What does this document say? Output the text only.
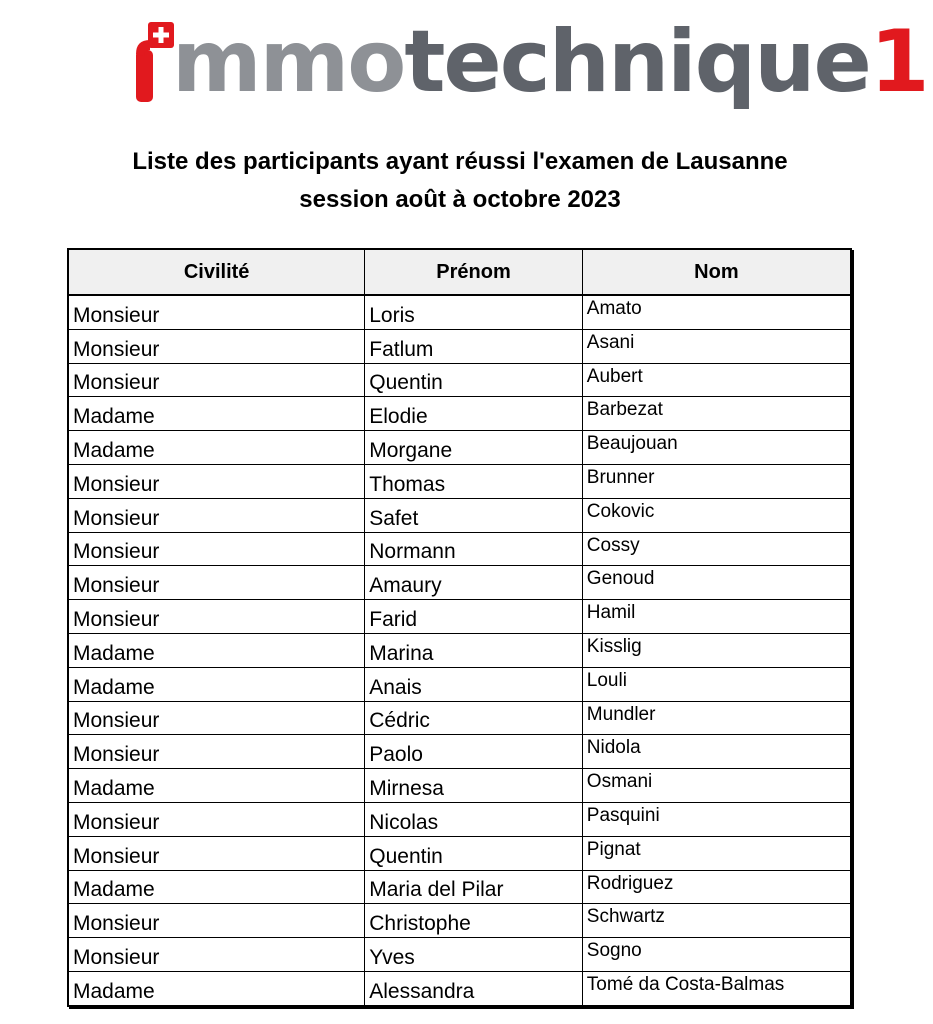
mmotechnique1
Liste des participants ayant réussi l'examen de Lausanne
session août à octobre 2023
Civilité	Prénom	Nom
Monsieur	Loris	Amato
Monsieur	Fatlum	Asani
Monsieur	Quentin	Aubert
Madame	Elodie	Barbezat
Madame	Morgane	Beaujouan
Monsieur	Thomas	Brunner
Monsieur	Safet	Cokovic
Monsieur	Normann	Cossy
Monsieur	Amaury	Genoud
Monsieur	Farid	Hamil
Madame	Marina	Kisslig
Madame	Anais	Louli
Monsieur	Cédric	Mundler
Monsieur	Paolo	Nidola
Madame	Mirnesa	Osmani
Monsieur	Nicolas	Pasquini
Monsieur	Quentin	Pignat
Madame	Maria del Pilar	Rodriguez
Monsieur	Christophe	Schwartz
Monsieur	Yves	Sogno
Madame	Alessandra	Tomé da Costa-Balmas
